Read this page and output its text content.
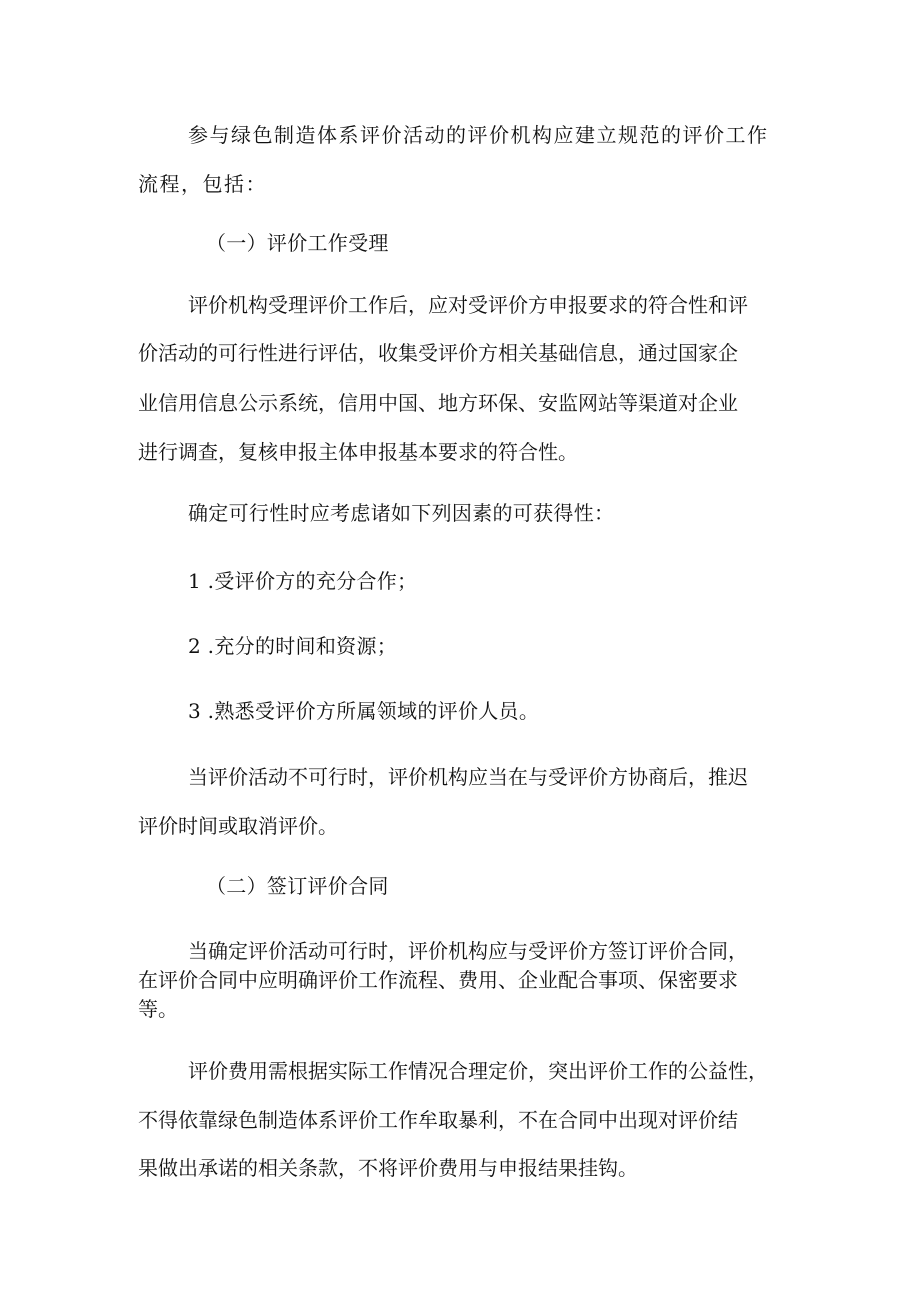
参与绿色制造体系评价活动的评价机构应建立规范的评价工作
流程，包括：
（一）评价工作受理
评价机构受理评价工作后，应对受评价方申报要求的符合性和评
价活动的可行性进行评估，收集受评价方相关基础信息，通过国家企
业信用信息公示系统，信用中国、地方环保、安监网站等渠道对企业
进行调查，复核申报主体申报基本要求的符合性。
确定可行性时应考虑诸如下列因素的可获得性：
1 .受评价方的充分合作；
2 .充分的时间和资源；
3 .熟悉受评价方所属领域的评价人员。
当评价活动不可行时，评价机构应当在与受评价方协商后，推迟
评价时间或取消评价。
（二）签订评价合同
当确定评价活动可行时，评价机构应与受评价方签订评价合同，
在评价合同中应明确评价工作流程、费用、企业配合事项、保密要求
等。
评价费用需根据实际工作情况合理定价，突出评价工作的公益性，
不得依靠绿色制造体系评价工作牟取暴利，不在合同中出现对评价结
果做出承诺的相关条款，不将评价费用与申报结果挂钩。
